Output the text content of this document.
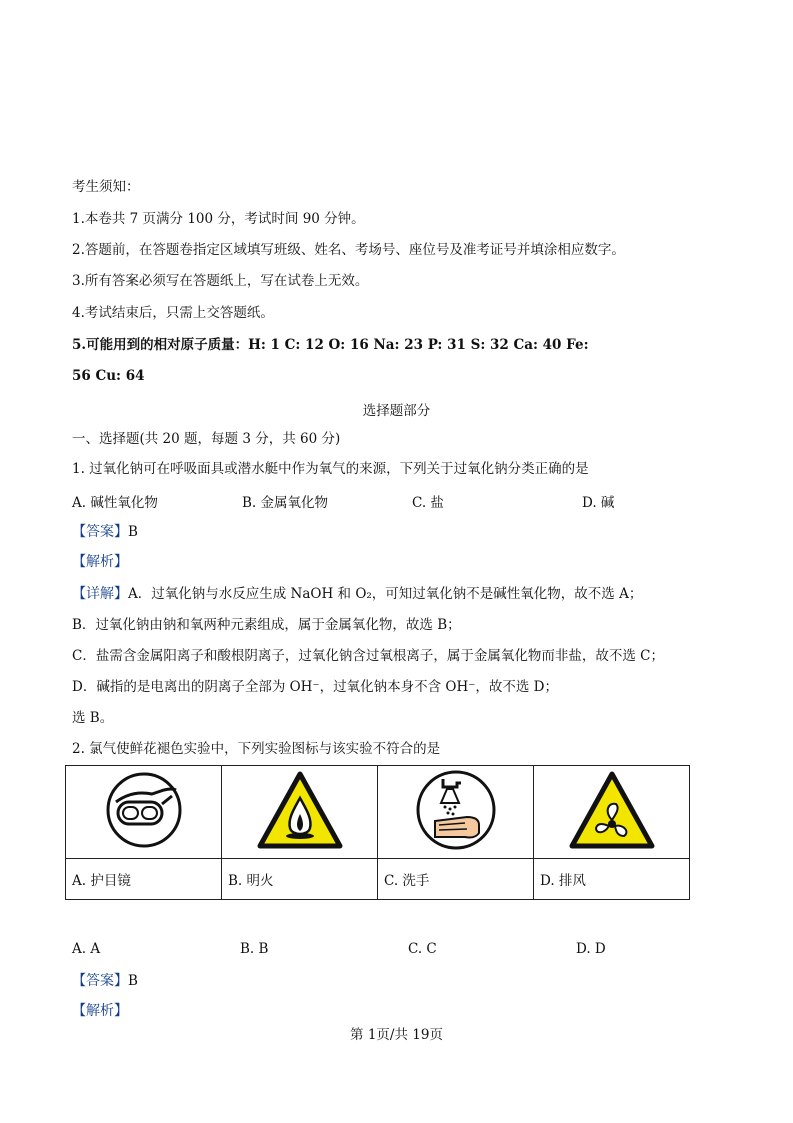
考生须知：
1.本卷共 7 页满分 100 分，考试时间 90 分钟。
2.答题前，在答题卷指定区域填写班级、姓名、考场号、座位号及准考证号并填涂相应数字。
3.所有答案必须写在答题纸上，写在试卷上无效。
4.考试结束后，只需上交答题纸。
5.可能用到的相对原子质量：H: 1 C: 12 O: 16 Na: 23 P: 31 S: 32 Ca: 40 Fe:
56 Cu: 64
选择题部分
一、选择题(共 20 题，每题 3 分，共 60 分)
1. 过氧化钠可在呼吸面具或潜水艇中作为氧气的来源，下列关于过氧化钠分类正确的是
A. 碱性氧化物	B. 金属氧化物	C. 盐	D. 碱
【答案】B
【解析】
【详解】A．过氧化钠与水反应生成 NaOH 和 O₂，可知过氧化钠不是碱性氧化物，故不选 A；
B．过氧化钠由钠和氧两种元素组成，属于金属氧化物，故选 B；
C．盐需含金属阳离子和酸根阴离子，过氧化钠含过氧根离子，属于金属氧化物而非盐，故不选 C；
D．碱指的是电离出的阴离子全部为 OH⁻，过氧化钠本身不含 OH⁻，故不选 D；
选 B。
2. 氯气使鲜花褪色实验中，下列实验图标与该实验不符合的是

A. 护目镜	B. 明火	C. 洗手	D. 排风
A. A	B. B	C. C	D. D
【答案】B
【解析】
第 1页/共 19页
